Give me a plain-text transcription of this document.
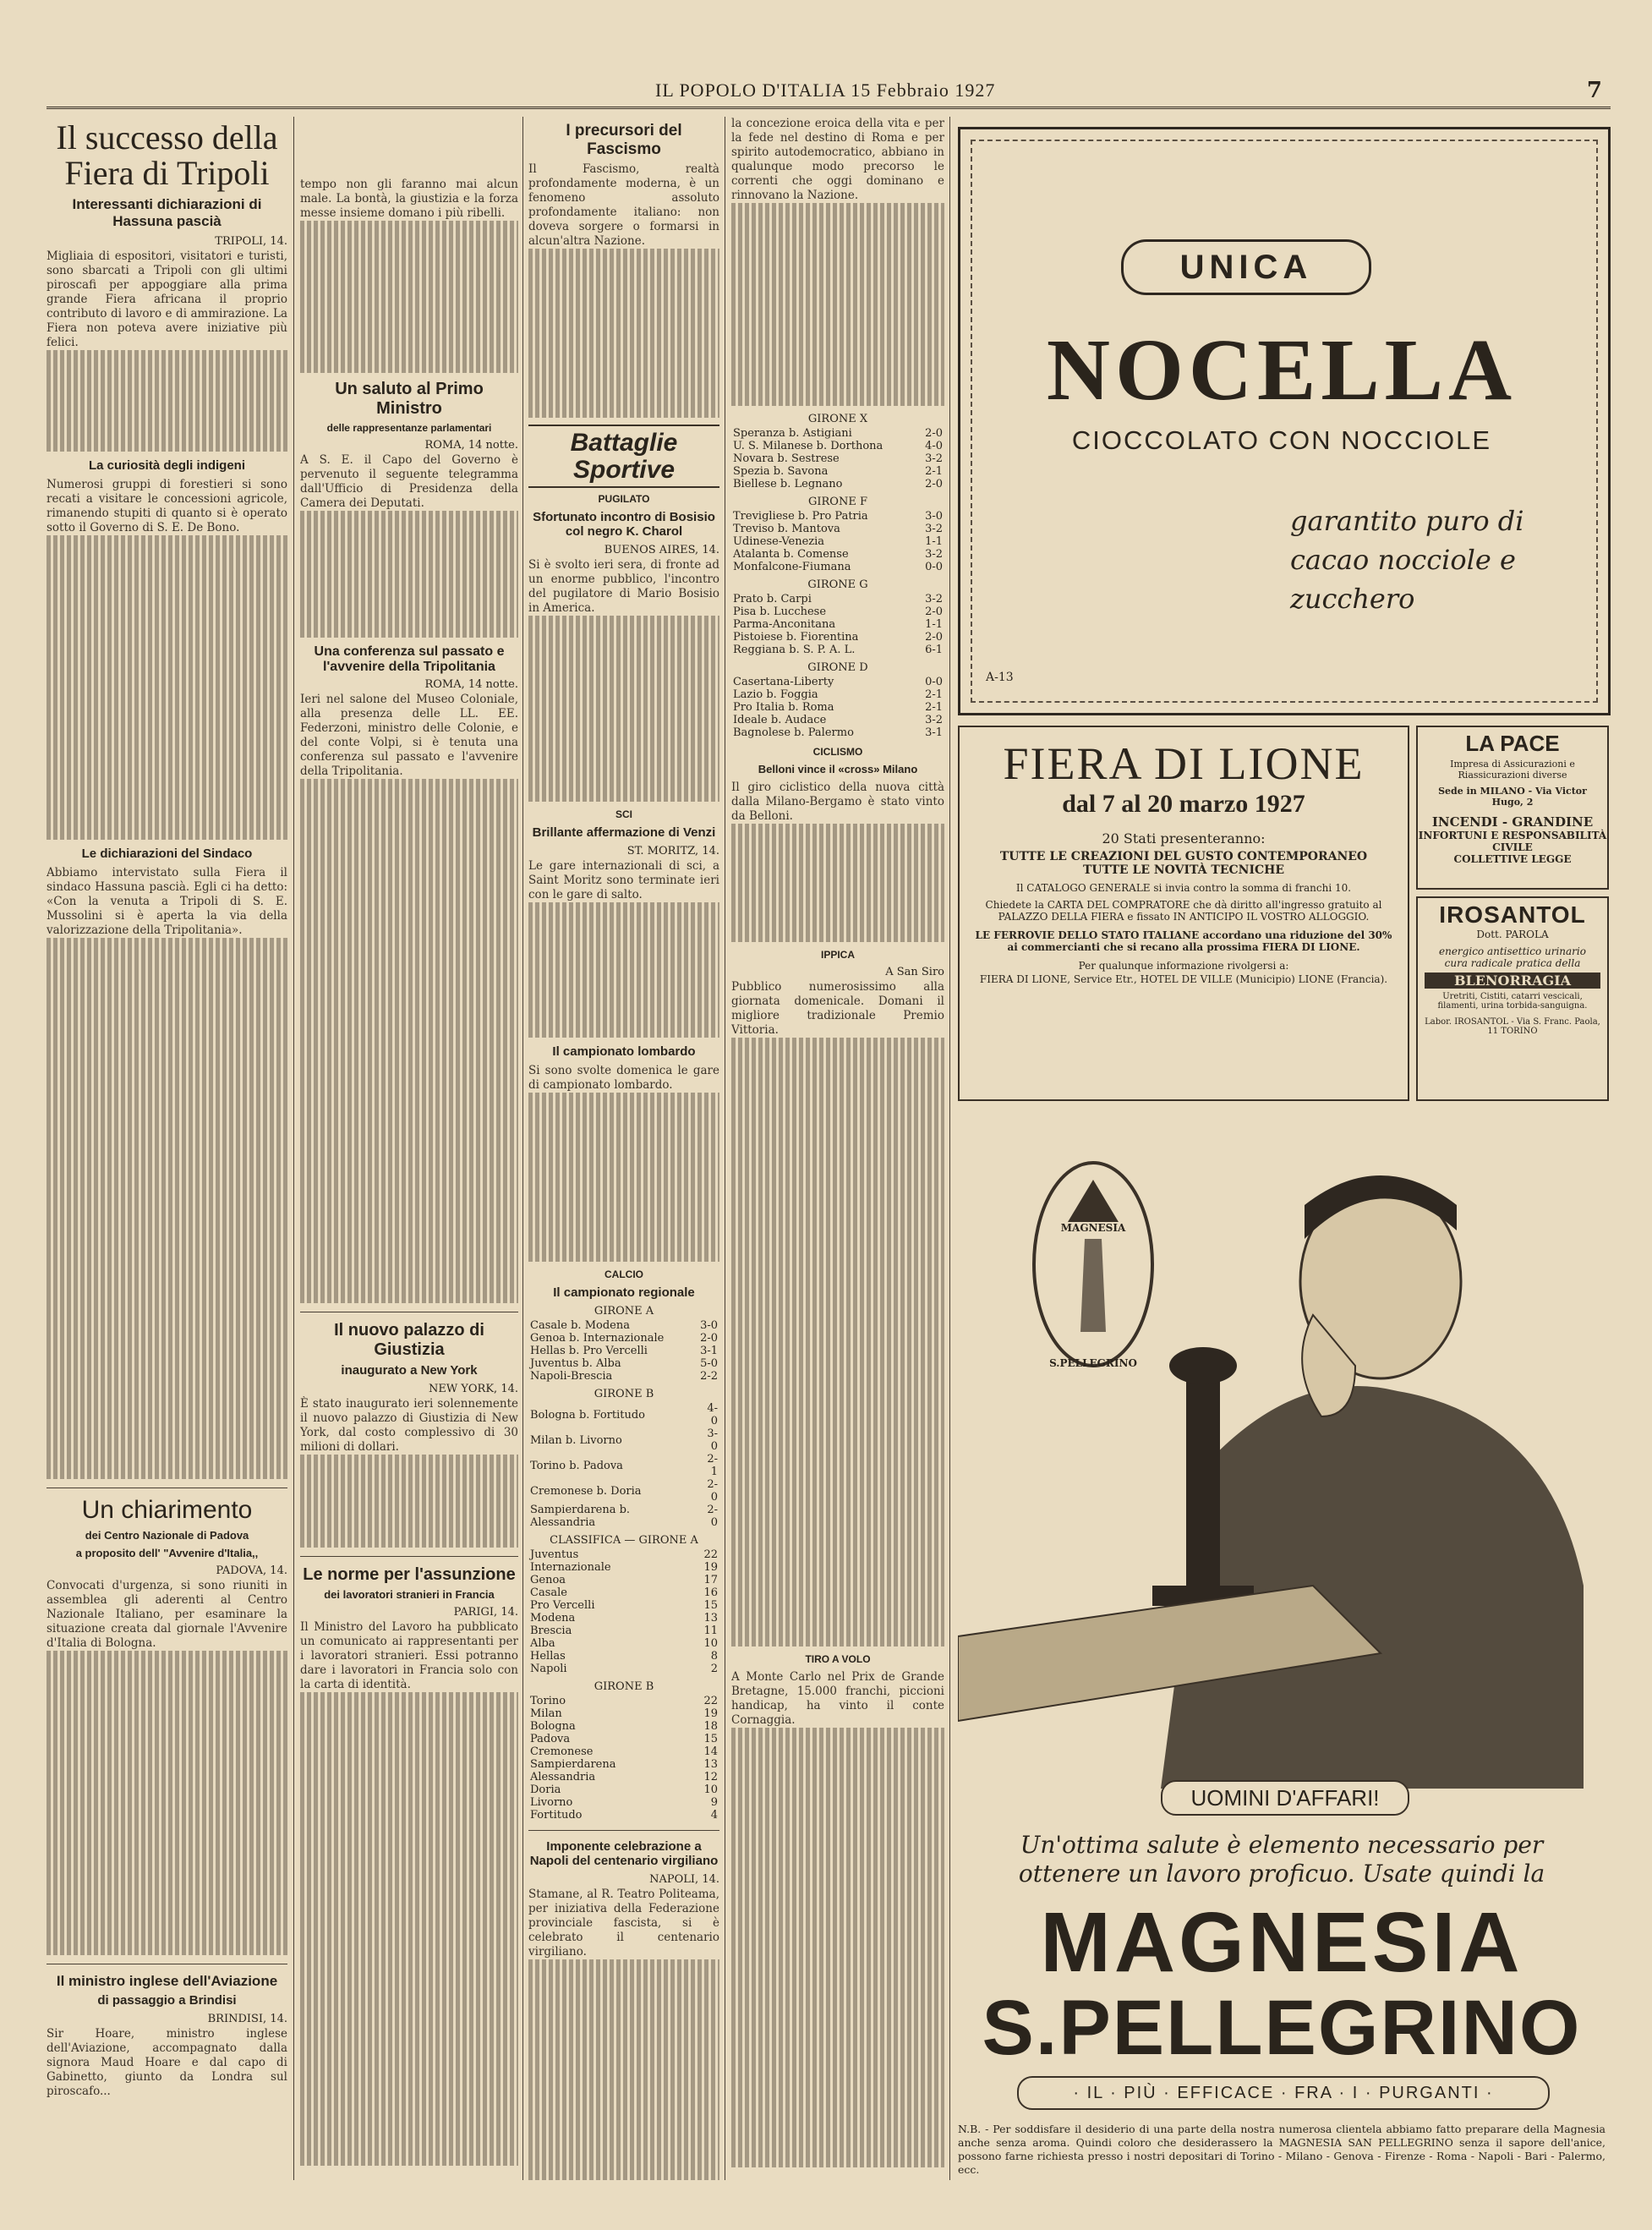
IL POPOLO D'ITALIA 15 Febbraio 1927	7
Il successo della Fiera di Tripoli
Interessanti dichiarazioni di Hassuna pascià
TRIPOLI, 14.
Migliaia di espositori, visitatori e turisti, sono sbarcati a Tripoli con gli ultimi piroscafi per appoggiare alla prima grande Fiera africana il proprio contributo di lavoro e di ammirazione. La Fiera non poteva avere iniziative più felici.
La curiosità degli indigeni
Numerosi gruppi di forestieri si sono recati a visitare le concessioni agricole, rimanendo stupiti di quanto si è operato sotto il Governo di S. E. De Bono.
Le dichiarazioni del Sindaco
Abbiamo intervistato sulla Fiera il sindaco Hassuna pascià. Egli ci ha detto: «Con la venuta a Tripoli di S. E. Mussolini si è aperta la via della valorizzazione della Tripolitania».
Un chiarimento
dei Centro Nazionale di Padova
a proposito dell' "Avvenire d'Italia,,
PADOVA, 14.
Convocati d'urgenza, si sono riuniti in assemblea gli aderenti al Centro Nazionale Italiano, per esaminare la situazione creata dal giornale l'Avvenire d'Italia di Bologna.
Il ministro inglese dell'Aviazione
di passaggio a Brindisi
BRINDISI, 14.
Sir Hoare, ministro inglese dell'Aviazione, accompagnato dalla signora Maud Hoare e dal capo di Gabinetto, giunto da Londra sul piroscafo...
tempo non gli faranno mai alcun male. La bontà, la giustizia e la forza messe insieme domano i più ribelli.
Un saluto al Primo Ministro
delle rappresentanze parlamentari
ROMA, 14 notte.
A S. E. il Capo del Governo è pervenuto il seguente telegramma dall'Ufficio di Presidenza della Camera dei Deputati.
Una conferenza sul passato e l'avvenire della Tripolitania
ROMA, 14 notte.
Ieri nel salone del Museo Coloniale, alla presenza delle LL. EE. Federzoni, ministro delle Colonie, e del conte Volpi, si è tenuta una conferenza sul passato e l'avvenire della Tripolitania.
Il nuovo palazzo di Giustizia
inaugurato a New York
NEW YORK, 14.
È stato inaugurato ieri solennemente il nuovo palazzo di Giustizia di New York, dal costo complessivo di 30 milioni di dollari.
Le norme per l'assunzione
dei lavoratori stranieri in Francia
PARIGI, 14.
Il Ministro del Lavoro ha pubblicato un comunicato ai rappresentanti per i lavoratori stranieri. Essi potranno dare i lavoratori in Francia solo con la carta di identità.
I precursori del Fascismo
Il Fascismo, realtà profondamente moderna, è un fenomeno assoluto profondamente italiano: non doveva sorgere o formarsi in alcun'altra Nazione.
Battaglie Sportive
PUGILATO
Sfortunato incontro di Bosisio col negro K. Charol
BUENOS AIRES, 14.
Si è svolto ieri sera, di fronte ad un enorme pubblico, l'incontro del pugilatore di Mario Bosisio in America.
SCI
Brillante affermazione di Venzi
ST. MORITZ, 14.
Le gare internazionali di sci, a Saint Moritz sono terminate ieri con le gare di salto.
Il campionato lombardo
Si sono svolte domenica le gare di campionato lombardo.
CALCIO
Il campionato regionale
GIRONE A
Casale b. Modena	3-0
Genoa b. Internazionale	2-0
Hellas b. Pro Vercelli	3-1
Juventus b. Alba	5-0
Napoli-Brescia	2-2
GIRONE B
Bologna b. Fortitudo	4-0
Milan b. Livorno	3-0
Torino b. Padova	2-1
Cremonese b. Doria	2-0
Sampierdarena b. Alessandria	2-0
CLASSIFICA — GIRONE A
Juventus	22
Internazionale	19
Genoa	17
Casale	16
Pro Vercelli	15
Modena	13
Brescia	11
Alba	10
Hellas	8
Napoli	2
GIRONE B
Torino	22
Milan	19
Bologna	18
Padova	15
Cremonese	14
Sampierdarena	13
Alessandria	12
Doria	10
Livorno	9
Fortitudo	4
Imponente celebrazione a Napoli del centenario virgiliano
NAPOLI, 14.
Stamane, al R. Teatro Politeama, per iniziativa della Federazione provinciale fascista, si è celebrato il centenario virgiliano.
la concezione eroica della vita e per la fede nel destino di Roma e per spirito autodemocratico, abbiano in qualunque modo precorso le correnti che oggi dominano e rinnovano la Nazione.
GIRONE X
Speranza b. Astigiani	2-0
U. S. Milanese b. Dorthona	4-0
Novara b. Sestrese	3-2
Spezia b. Savona	2-1
Biellese b. Legnano	2-0
GIRONE F
Trevigliese b. Pro Patria	3-0
Treviso b. Mantova	3-2
Udinese-Venezia	1-1
Atalanta b. Comense	3-2
Monfalcone-Fiumana	0-0
GIRONE G
Prato b. Carpi	3-2
Pisa b. Lucchese	2-0
Parma-Anconitana	1-1
Pistoiese b. Fiorentina	2-0
Reggiana b. S. P. A. L.	6-1
GIRONE D
Casertana-Liberty	0-0
Lazio b. Foggia	2-1
Pro Italia b. Roma	2-1
Ideale b. Audace	3-2
Bagnolese b. Palermo	3-1
CICLISMO
Belloni vince il «cross» Milano
Il giro ciclistico della nuova città dalla Milano-Bergamo è stato vinto da Belloni.
IPPICA
A San Siro
Pubblico numerosissimo alla giornata domenicale. Domani il migliore tradizionale Premio Vittoria.
TIRO A VOLO
A Monte Carlo nel Prix de Grande Bretagne, 15.000 franchi, piccioni handicap, ha vinto il conte Cornaggia.
UNICA
NOCELLA
CIOCCOLATO CON NOCCIOLE
garantito puro di
cacao nocciole e
zucchero
A-13
FIERA DI LIONE
dal 7 al 20 marzo 1927
20 Stati presenteranno:
TUTTE LE CREAZIONI DEL GUSTO CONTEMPORANEO
TUTTE LE NOVITÀ TECNICHE
Il CATALOGO GENERALE si invia contro la somma di franchi 10.
Chiedete la CARTA DEL COMPRATORE che dà diritto all'ingresso gratuito al PALAZZO DELLA FIERA e fissato IN ANTICIPO IL VOSTRO ALLOGGIO.
LE FERROVIE DELLO STATO ITALIANE accordano una riduzione del 30% ai commercianti che si recano alla prossima FIERA DI LIONE.
Per qualunque informazione rivolgersi a:
FIERA DI LIONE, Service Etr., HOTEL DE VILLE (Municipio) LIONE (Francia).
LA PACE
Impresa di Assicurazioni e Riassicurazioni diverse
Sede in MILANO - Via Victor Hugo, 2
INCENDI - GRANDINE
INFORTUNI E RESPONSABILITÀ CIVILE
COLLETTIVE LEGGE
IROSANTOL
Dott. PAROLA
energico antisettico urinario
cura radicale pratica della
BLENORRAGIA
Uretriti, Cistiti, catarri vescicali, filamenti, urina torbida-sanguigna.
Labor. IROSANTOL - Via S. Franc. Paola, 11 TORINO
MAGNESIA
S.PELLEGRINO
UOMINI D'AFFARI!
Un'ottima salute è elemento necessario per
ottenere un lavoro proficuo. Usate quindi la
MAGNESIA
S.PELLEGRINO
· IL · PIÙ · EFFICACE · FRA · I · PURGANTI ·
N.B. - Per soddisfare il desiderio di una parte della nostra numerosa clientela abbiamo fatto preparare della Magnesia anche senza aroma. Quindi coloro che desiderassero la MAGNESIA SAN PELLEGRINO senza il sapore dell'anice, possono farne richiesta presso i nostri depositari di Torino - Milano - Genova - Firenze - Roma - Napoli - Bari - Palermo, ecc.
